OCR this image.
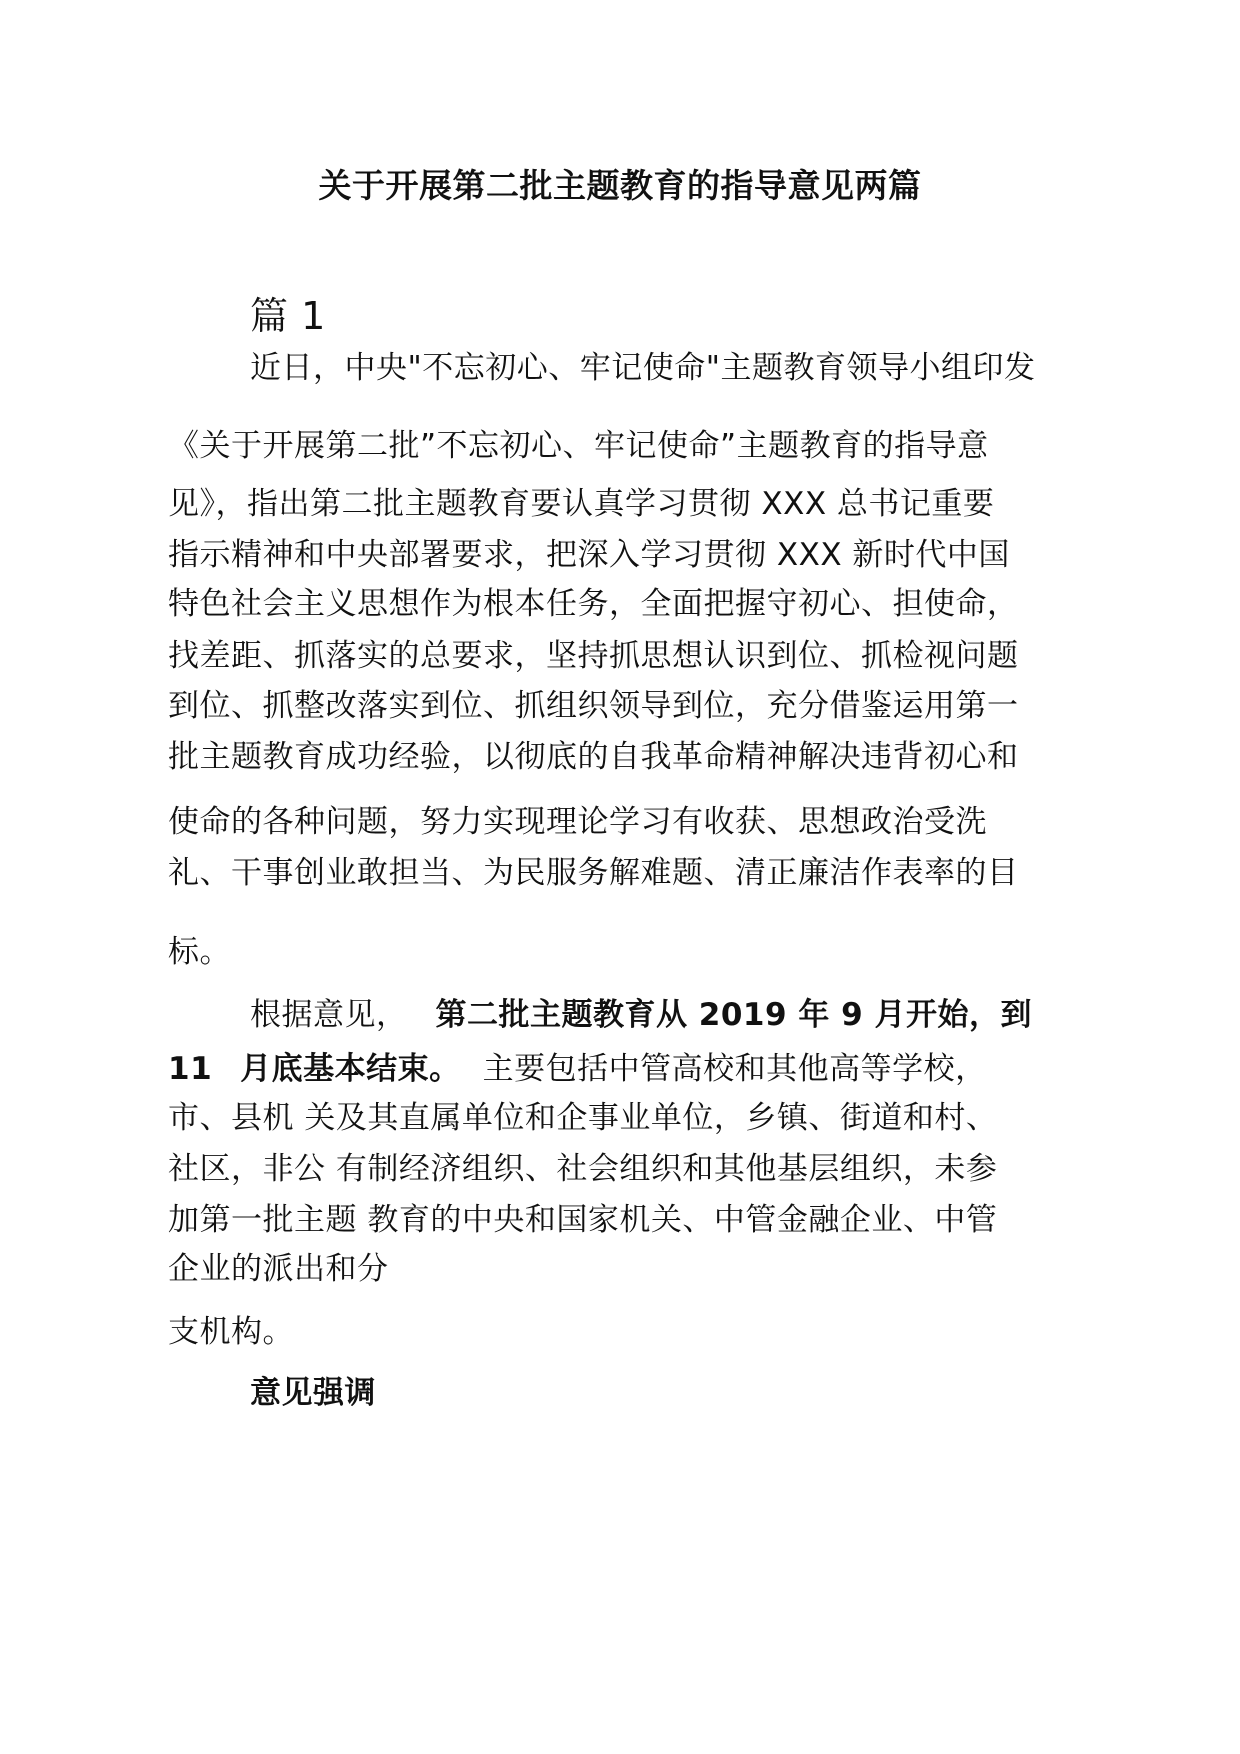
关于开展第二批主题教育的指导意见两篇
篇 1
近日，中央"不忘初心、牢记使命"主题教育领导小组印发
《关于开展第二批”不忘初心、牢记使命”主题教育的指导意
见》，指出第二批主题教育要认真学习贯彻 XXX 总书记重要
指示精神和中央部署要求，把深入学习贯彻 XXX 新时代中国
特色社会主义思想作为根本任务，全面把握守初心、担使命，
找差距、抓落实的总要求，坚持抓思想认识到位、抓检视问题
到位、抓整改落实到位、抓组织领导到位，充分借鉴运用第一
批主题教育成功经验，以彻底的自我革命精神解决违背初心和
使命的各种问题，努力实现理论学习有收获、思想政治受洗
礼、干事创业敢担当、为民服务解难题、清正廉洁作表率的目
标。
根据意见， 第二批主题教育从 2019 年 9 月开始，到
11 月底基本结束。 主要包括中管高校和其他高等学校，
市、县机 关及其直属单位和企事业单位，乡镇、街道和村、
社区，非公 有制经济组织、社会组织和其他基层组织，未参
加第一批主题 教育的中央和国家机关、中管金融企业、中管
企业的派出和分
支机构。
意见强调
